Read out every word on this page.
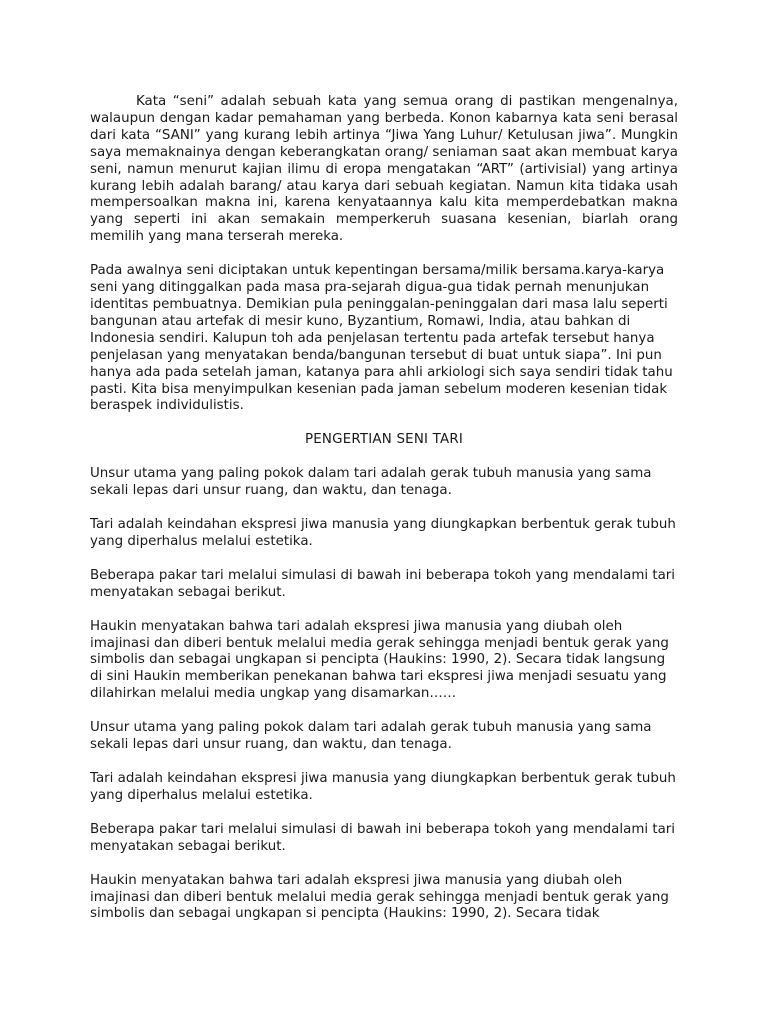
Kata “seni” adalah sebuah kata yang semua orang di pastikan mengenalnya, walaupun dengan kadar pemahaman yang berbeda. Konon kabarnya kata seni berasal dari kata “SANI” yang kurang lebih artinya “Jiwa Yang Luhur/ Ketulusan jiwa”. Mungkin saya memaknainya dengan keberangkatan orang/ seniaman saat akan membuat karya seni, namun menurut kajian ilimu di eropa mengatakan “ART” (artivisial) yang artinya kurang lebih adalah barang/ atau karya dari sebuah kegiatan. Namun kita tidaka usah mempersoalkan makna ini, karena kenyataannya kalu kita memperdebatkan makna yang seperti ini akan semakain memperkeruh suasana kesenian, biarlah orang memilih yang mana terserah mereka.

Pada awalnya seni diciptakan untuk kepentingan bersama/milik bersama.karya-karya seni yang ditinggalkan pada masa pra-sejarah digua-gua tidak pernah menunjukan identitas pembuatnya. Demikian pula peninggalan-peninggalan dari masa lalu seperti bangunan atau artefak di mesir kuno, Byzantium, Romawi, India, atau bahkan di Indonesia sendiri. Kalupun toh ada penjelasan tertentu pada artefak tersebut hanya penjelasan yang menyatakan benda/bangunan tersebut di buat untuk siapa”. Ini pun hanya ada pada setelah jaman, katanya para ahli arkiologi sich saya sendiri tidak tahu pasti. Kita bisa menyimpulkan kesenian pada jaman sebelum moderen kesenian tidak beraspek individulistis.

PENGERTIAN SENI TARI

Unsur utama yang paling pokok dalam tari adalah gerak tubuh manusia yang sama sekali lepas dari unsur ruang, dan waktu, dan tenaga.

Tari adalah keindahan ekspresi jiwa manusia yang diungkapkan berbentuk gerak tubuh yang diperhalus melalui estetika.

Beberapa pakar tari melalui simulasi di bawah ini beberapa tokoh yang mendalami tari menyatakan sebagai berikut.

Haukin menyatakan bahwa tari adalah ekspresi jiwa manusia yang diubah oleh imajinasi dan diberi bentuk melalui media gerak sehingga menjadi bentuk gerak yang simbolis dan sebagai ungkapan si pencipta (Haukins: 1990, 2). Secara tidak langsung di sini Haukin memberikan penekanan bahwa tari ekspresi jiwa menjadi sesuatu yang dilahirkan melalui media ungkap yang disamarkan……

Unsur utama yang paling pokok dalam tari adalah gerak tubuh manusia yang sama sekali lepas dari unsur ruang, dan waktu, dan tenaga.

Tari adalah keindahan ekspresi jiwa manusia yang diungkapkan berbentuk gerak tubuh yang diperhalus melalui estetika.

Beberapa pakar tari melalui simulasi di bawah ini beberapa tokoh yang mendalami tari menyatakan sebagai berikut.

Haukin menyatakan bahwa tari adalah ekspresi jiwa manusia yang diubah oleh imajinasi dan diberi bentuk melalui media gerak sehingga menjadi bentuk gerak yang simbolis dan sebagai ungkapan si pencipta (Haukins: 1990, 2). Secara tidak
